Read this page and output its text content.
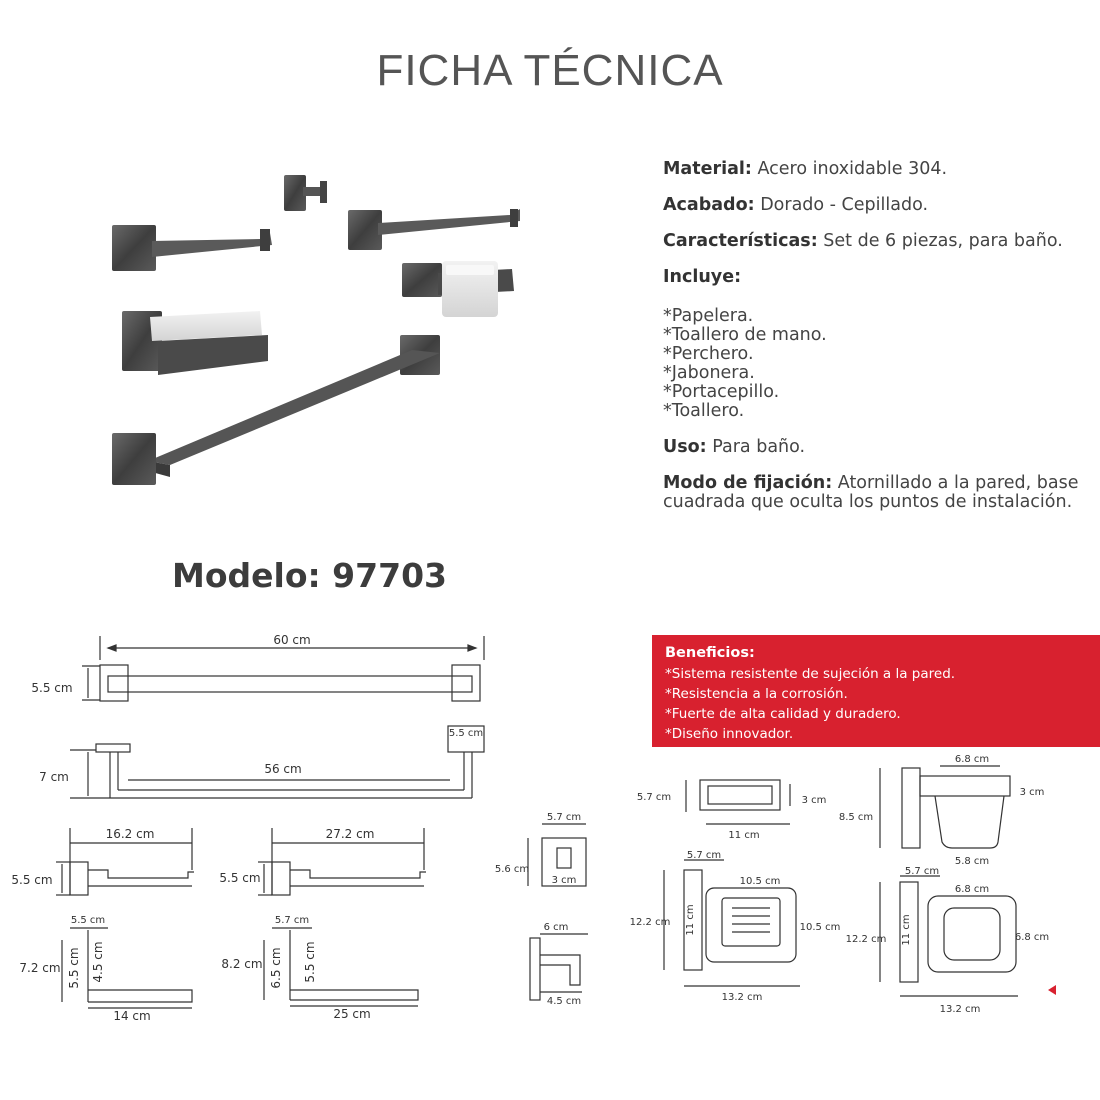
FICHA TÉCNICA
Modelo: 97703
Material: Acero inoxidable 304.
Acabado: Dorado - Cepillado.
Características: Set de 6 piezas, para baño.
Incluye:
*Papelera.
*Toallero de mano.
*Perchero.
*Jabonera.
*Portacepillo.
*Toallero.
Uso: Para baño.
Modo de fijación: Atornillado a la pared, base cuadrada que oculta los puntos de instalación.
Beneficios:
*Sistema resistente de sujeción a la pared.
*Resistencia a la corrosión.
*Fuerte de alta calidad y duradero.
*Diseño innovador.
60 cm
5.5 cm
5.5 cm
56 cm
7 cm
16.2 cm
5.5 cm
5.5 cm
7.2 cm 5.5 cm 4.5 cm
14 cm
27.2 cm
5.5 cm
5.7 cm
8.2 cm 6.5 cm 5.5 cm
25 cm
5.7 cm
3 cm
5.6 cm
6 cm
4.5 cm
5.7 cm	3 cm
11 cm
5.7 cm
10.5 cm
10.5 cm
12.2 cm 11 cm
13.2 cm
6.8 cm
8.5 cm
3 cm
5.8 cm
5.7 cm
6.8 cm
6.8 cm
12.2 cm 11 cm
13.2 cm
